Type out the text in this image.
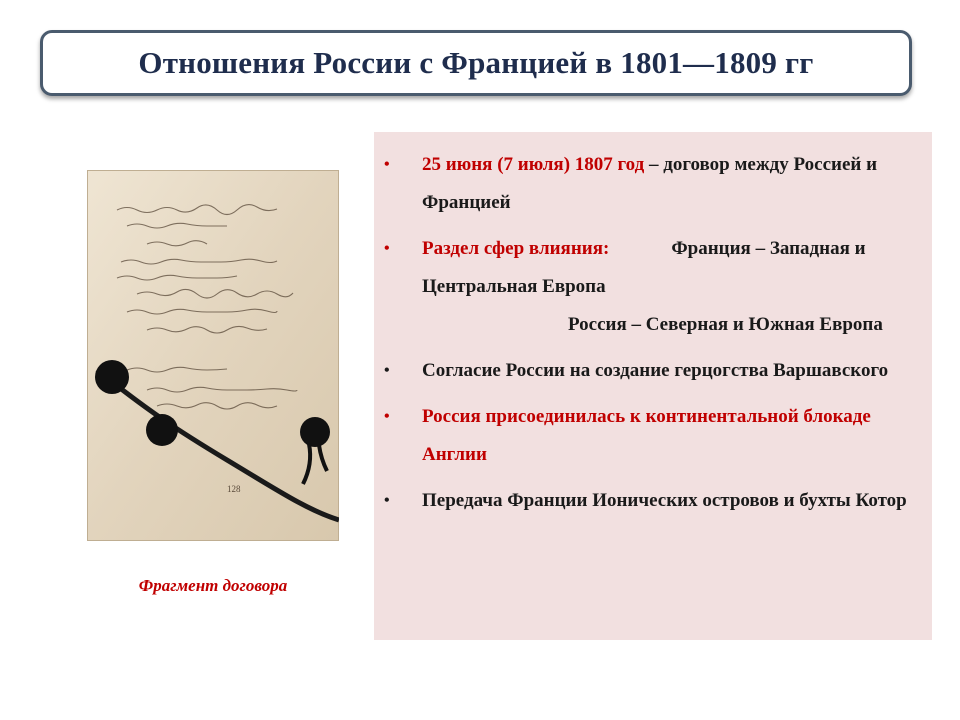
Отношения России с Францией в 1801—1809 гг
128
Фрагмент договора
• 25 июня (7 июля) 1807 год – договор между Россией и Францией
• Раздел сфер влияния:	Франция – Западная и Центральная Европа
Россия – Северная и Южная Европа
• Согласие России на создание герцогства Варшавского
• Россия присоединилась к континентальной блокаде Англии
• Передача Франции Ионических островов и бухты Котор
